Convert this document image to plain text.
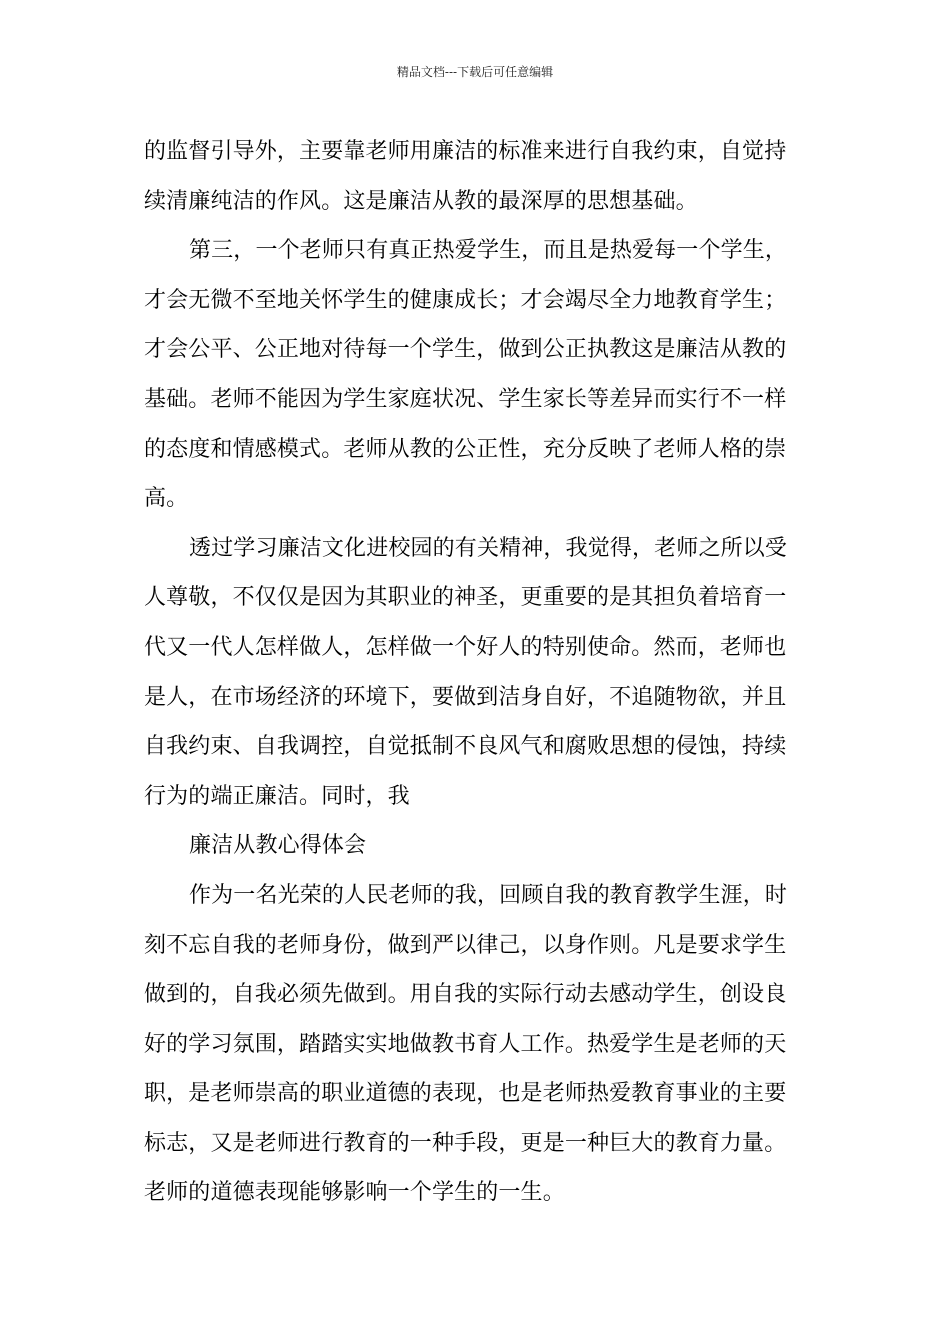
精品文档---下载后可任意编辑

的监督引导外，主要靠老师用廉洁的标准来进行自我约束，自觉持
续清廉纯洁的作风。这是廉洁从教的最深厚的思想基础。

第三，一个老师只有真正热爱学生，而且是热爱每一个学生，
才会无微不至地关怀学生的健康成长；才会竭尽全力地教育学生；
才会公平、公正地对待每一个学生，做到公正执教这是廉洁从教的
基础。老师不能因为学生家庭状况、学生家长等差异而实行不一样
的态度和情感模式。老师从教的公正性，充分反映了老师人格的崇
高。

透过学习廉洁文化进校园的有关精神，我觉得，老师之所以受
人尊敬，不仅仅是因为其职业的神圣，更重要的是其担负着培育一
代又一代人怎样做人，怎样做一个好人的特别使命。然而，老师也
是人，在市场经济的环境下，要做到洁身自好，不追随物欲，并且
自我约束、自我调控，自觉抵制不良风气和腐败思想的侵蚀，持续
行为的端正廉洁。同时，我

廉洁从教心得体会

作为一名光荣的人民老师的我，回顾自我的教育教学生涯，时
刻不忘自我的老师身份，做到严以律己，以身作则。凡是要求学生
做到的，自我必须先做到。用自我的实际行动去感动学生，创设良
好的学习氛围，踏踏实实地做教书育人工作。热爱学生是老师的天
职，是老师崇高的职业道德的表现，也是老师热爱教育事业的主要
标志，又是老师进行教育的一种手段，更是一种巨大的教育力量。
老师的道德表现能够影响一个学生的一生。
